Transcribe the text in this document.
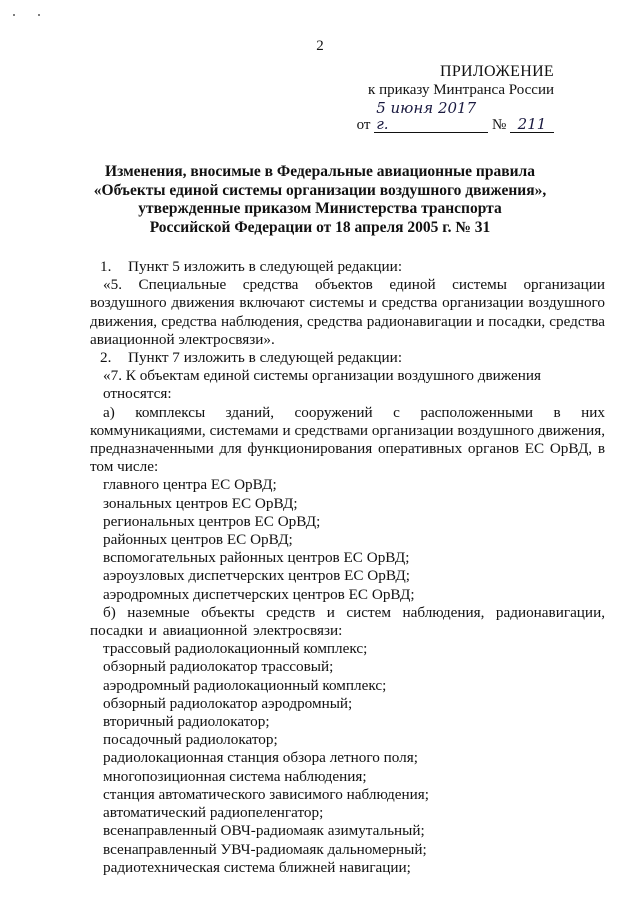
2
ПРИЛОЖЕНИЕ
к приказу Минтранса России
от 5 июня 2017 г.	№ 211
Изменения, вносимые в Федеральные авиационные правила
«Объекты единой системы организации воздушного движения»,
утвержденные приказом Министерства транспорта
Российской Федерации от 18 апреля 2005 г. № 31
1.	Пункт 5 изложить в следующей редакции:

«5. Специальные средства объектов единой системы организации воздушного движения включают системы и средства организации воздушного движения, средства наблюдения, средства радионавигации и посадки, средства авиационной электросвязи».

2.	Пункт 7 изложить в следующей редакции:
«7. К объектам единой системы организации воздушного движения относятся:
а) комплексы зданий, сооружений с расположенными в них

коммуникациями, системами и средствами организации воздушного движения, предназначенными для функционирования оперативных органов ЕС ОрВД, в том числе:

главного центра ЕС ОрВД;
зональных центров ЕС ОрВД;
региональных центров ЕС ОрВД;
районных центров ЕС ОрВД;
вспомогательных районных центров ЕС ОрВД;
аэроузловых диспетчерских центров ЕС ОрВД;
аэродромных диспетчерских центров ЕС ОрВД;

б) наземные объекты средств и систем наблюдения, радионавигации, посадки и авиационной электросвязи:

трассовый радиолокационный комплекс;
обзорный радиолокатор трассовый;
аэродромный радиолокационный комплекс;
обзорный радиолокатор аэродромный;
вторичный радиолокатор;
посадочный радиолокатор;
радиолокационная станция обзора летного поля;
многопозиционная система наблюдения;
станция автоматического зависимого наблюдения;
автоматический радиопеленгатор;
всенаправленный ОВЧ-радиомаяк азимутальный;
всенаправленный УВЧ-радиомаяк дальномерный;
радиотехническая система ближней навигации;
